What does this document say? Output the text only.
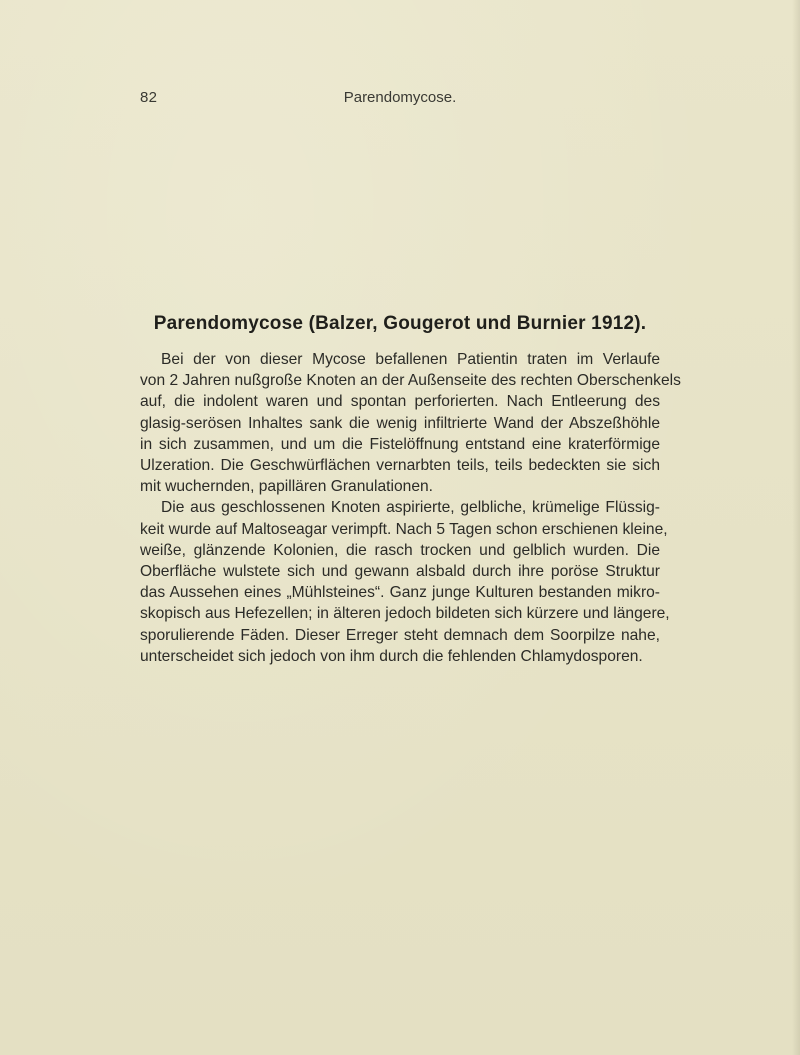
82	Parendomycose.
Parendomycose (Balzer, Gougerot und Burnier 1912).
Bei der von dieser Mycose befallenen Patientin traten im Verlaufe
von 2 Jahren nußgroße Knoten an der Außenseite des rechten Oberschenkels
auf, die indolent waren und spontan perforierten. Nach Entleerung des
glasig-serösen Inhaltes sank die wenig infiltrierte Wand der Abszeßhöhle
in sich zusammen, und um die Fistelöffnung entstand eine kraterförmige
Ulzeration. Die Geschwürflächen vernarbten teils, teils bedeckten sie sich
mit wuchernden, papillären Granulationen.
Die aus geschlossenen Knoten aspirierte, gelbliche, krümelige Flüssig-
keit wurde auf Maltoseagar verimpft. Nach 5 Tagen schon erschienen kleine,
weiße, glänzende Kolonien, die rasch trocken und gelblich wurden. Die
Oberfläche wulstete sich und gewann alsbald durch ihre poröse Struktur
das Aussehen eines „Mühlsteines“. Ganz junge Kulturen bestanden mikro-
skopisch aus Hefezellen; in älteren jedoch bildeten sich kürzere und längere,
sporulierende Fäden. Dieser Erreger steht demnach dem Soorpilze nahe,
unterscheidet sich jedoch von ihm durch die fehlenden Chlamydosporen.
